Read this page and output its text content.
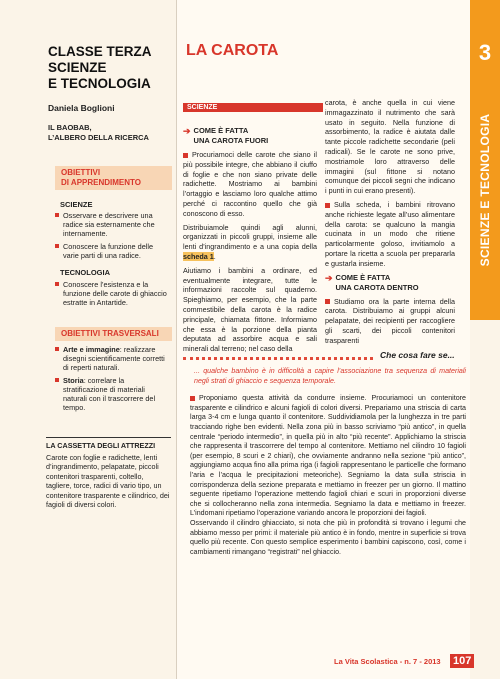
3
SCIENZE E TECNOLOGIA
CLASSE TERZA
SCIENZE
E TECNOLOGIA
Daniela Boglioni
IL BAOBAB,
L’ALBERO DELLA RICERCA
OBIETTIVI
DI APPRENDIMENTO
SCIENZE
Osservare e descrivere una radice sia esternamente che internamente.
Conoscere la funzione delle varie parti di una radice.
TECNOLOGIA
Conoscere l’esistenza e la funzione delle carote di ghiaccio estratte in Antartide.
OBIETTIVI TRASVERSALI
Arte e immagine: realizzare disegni scientificamente corretti di reperti naturali.
Storia: correlare la stratificazione di materiali naturali con il trascorrere del tempo.
LA CASSETTA DEGLI ATTREZZI
Carote con foglie e radichette, lenti d’ingrandimento, pelapatate, piccoli contenitori trasparenti, coltello, tagliere, torce, radici di vario tipo, un contenitore trasparente e cilindrico, dei fagioli di diversi colori.
LA CAROTA
SCIENZE
➔ COME È FATTA
UNA CAROTA FUORI

Procuriamoci delle carote che siano il più possibile integre, che abbiano il ciuffo di foglie e che non siano private delle radichette. Mostriamo ai bambini l’ortaggio e lasciamo loro qualche attimo perché ci raccontino quello che già conoscono di esso.

Distribuiamole quindi agli alunni, organizzati in piccoli gruppi, insieme alle lenti d’ingrandimento e a una copia della scheda 1.

Aiutiamo i bambini a ordinare, ed eventualmente integrare, tutte le informazioni raccolte sul quaderno. Spieghiamo, per esempio, che la parte commestibile della carota è la radice principale, chiamata fittone. Informiamo che essa è la porzione della pianta deputata ad assorbire acqua e sali minerali dal terreno; nel caso della

carota, è anche quella in cui viene immagazzinato il nutrimento che sarà usato in seguito. Nella funzione di assorbimento, la radice è aiutata dalle tante piccole radichette secondarie (peli radicali). Se le carote ne sono prive, mostriamole loro attraverso delle immagini (sul fittone si notano comunque dei piccoli segni che indicano i punti in cui erano presenti).

Sulla scheda, i bambini ritrovano anche richieste legate all’uso alimentare della carota: se qualcuno la mangia cucinata in un modo che ritiene particolarmente goloso, invitiamolo a portare la ricetta a scuola per prepararla e gustarla insieme.

➔ COME È FATTA
UNA CAROTA DENTRO

Studiamo ora la parte interna della carota. Distribuiamo ai gruppi alcuni pelapatate, dei recipienti per raccogliere gli scarti, dei piccoli contenitori trasparenti

Che cosa fare se...

... qualche bambino è in difficoltà a capire l’associazione tra sequenza di materiali negli strati di ghiaccio e sequenza temporale.

Proponiamo questa attività da condurre insieme. Procuriamoci un contenitore trasparente e cilindrico e alcuni fagioli di colori diversi. Prepariamo una striscia di carta larga 3-4 cm e lunga quanto il contenitore. Suddividiamola per la lunghezza in tre parti tracciando righe ben evidenti. Nella zona più in basso scriviamo “più antico”, in quella centrale “periodo intermedio”, in quella più in alto “più recente”. Applichiamo la striscia che rappresenta il trascorrere del tempo al contenitore. Mettiamo nel cilindro 10 fagioli (per esempio, 8 scuri e 2 chiari), che ovviamente andranno nella sezione “più antico”, aggiungiamo acqua fino alla prima riga (i fagioli rappresentano le particelle che formano l’aria e l’acqua le precipitazioni meteoriche). Segniamo la data sulla striscia in corrispondenza della sezione preparata e mettiamo in freezer per un giorno. Il mattino seguente ripetiamo l’operazione mettendo fagioli chiari e scuri in proporzioni diverse che si collocheranno nella zona intermedia. Segniamo la data e mettiamo in freezer. L’indomani ripetiamo l’operazione variando ancora le proporzioni dei fagioli.

Osservando il cilindro ghiacciato, si nota che più in profondità si trovano i legumi che abbiamo messo per primi: il materiale più antico è in fondo, mentre in superficie si trova quello più recente. Con questo semplice esperimento i bambini capiscono, così, come i cambiamenti rimangano “registrati” nel ghiaccio.

La Vita Scolastica - n. 7 - 2013 107
